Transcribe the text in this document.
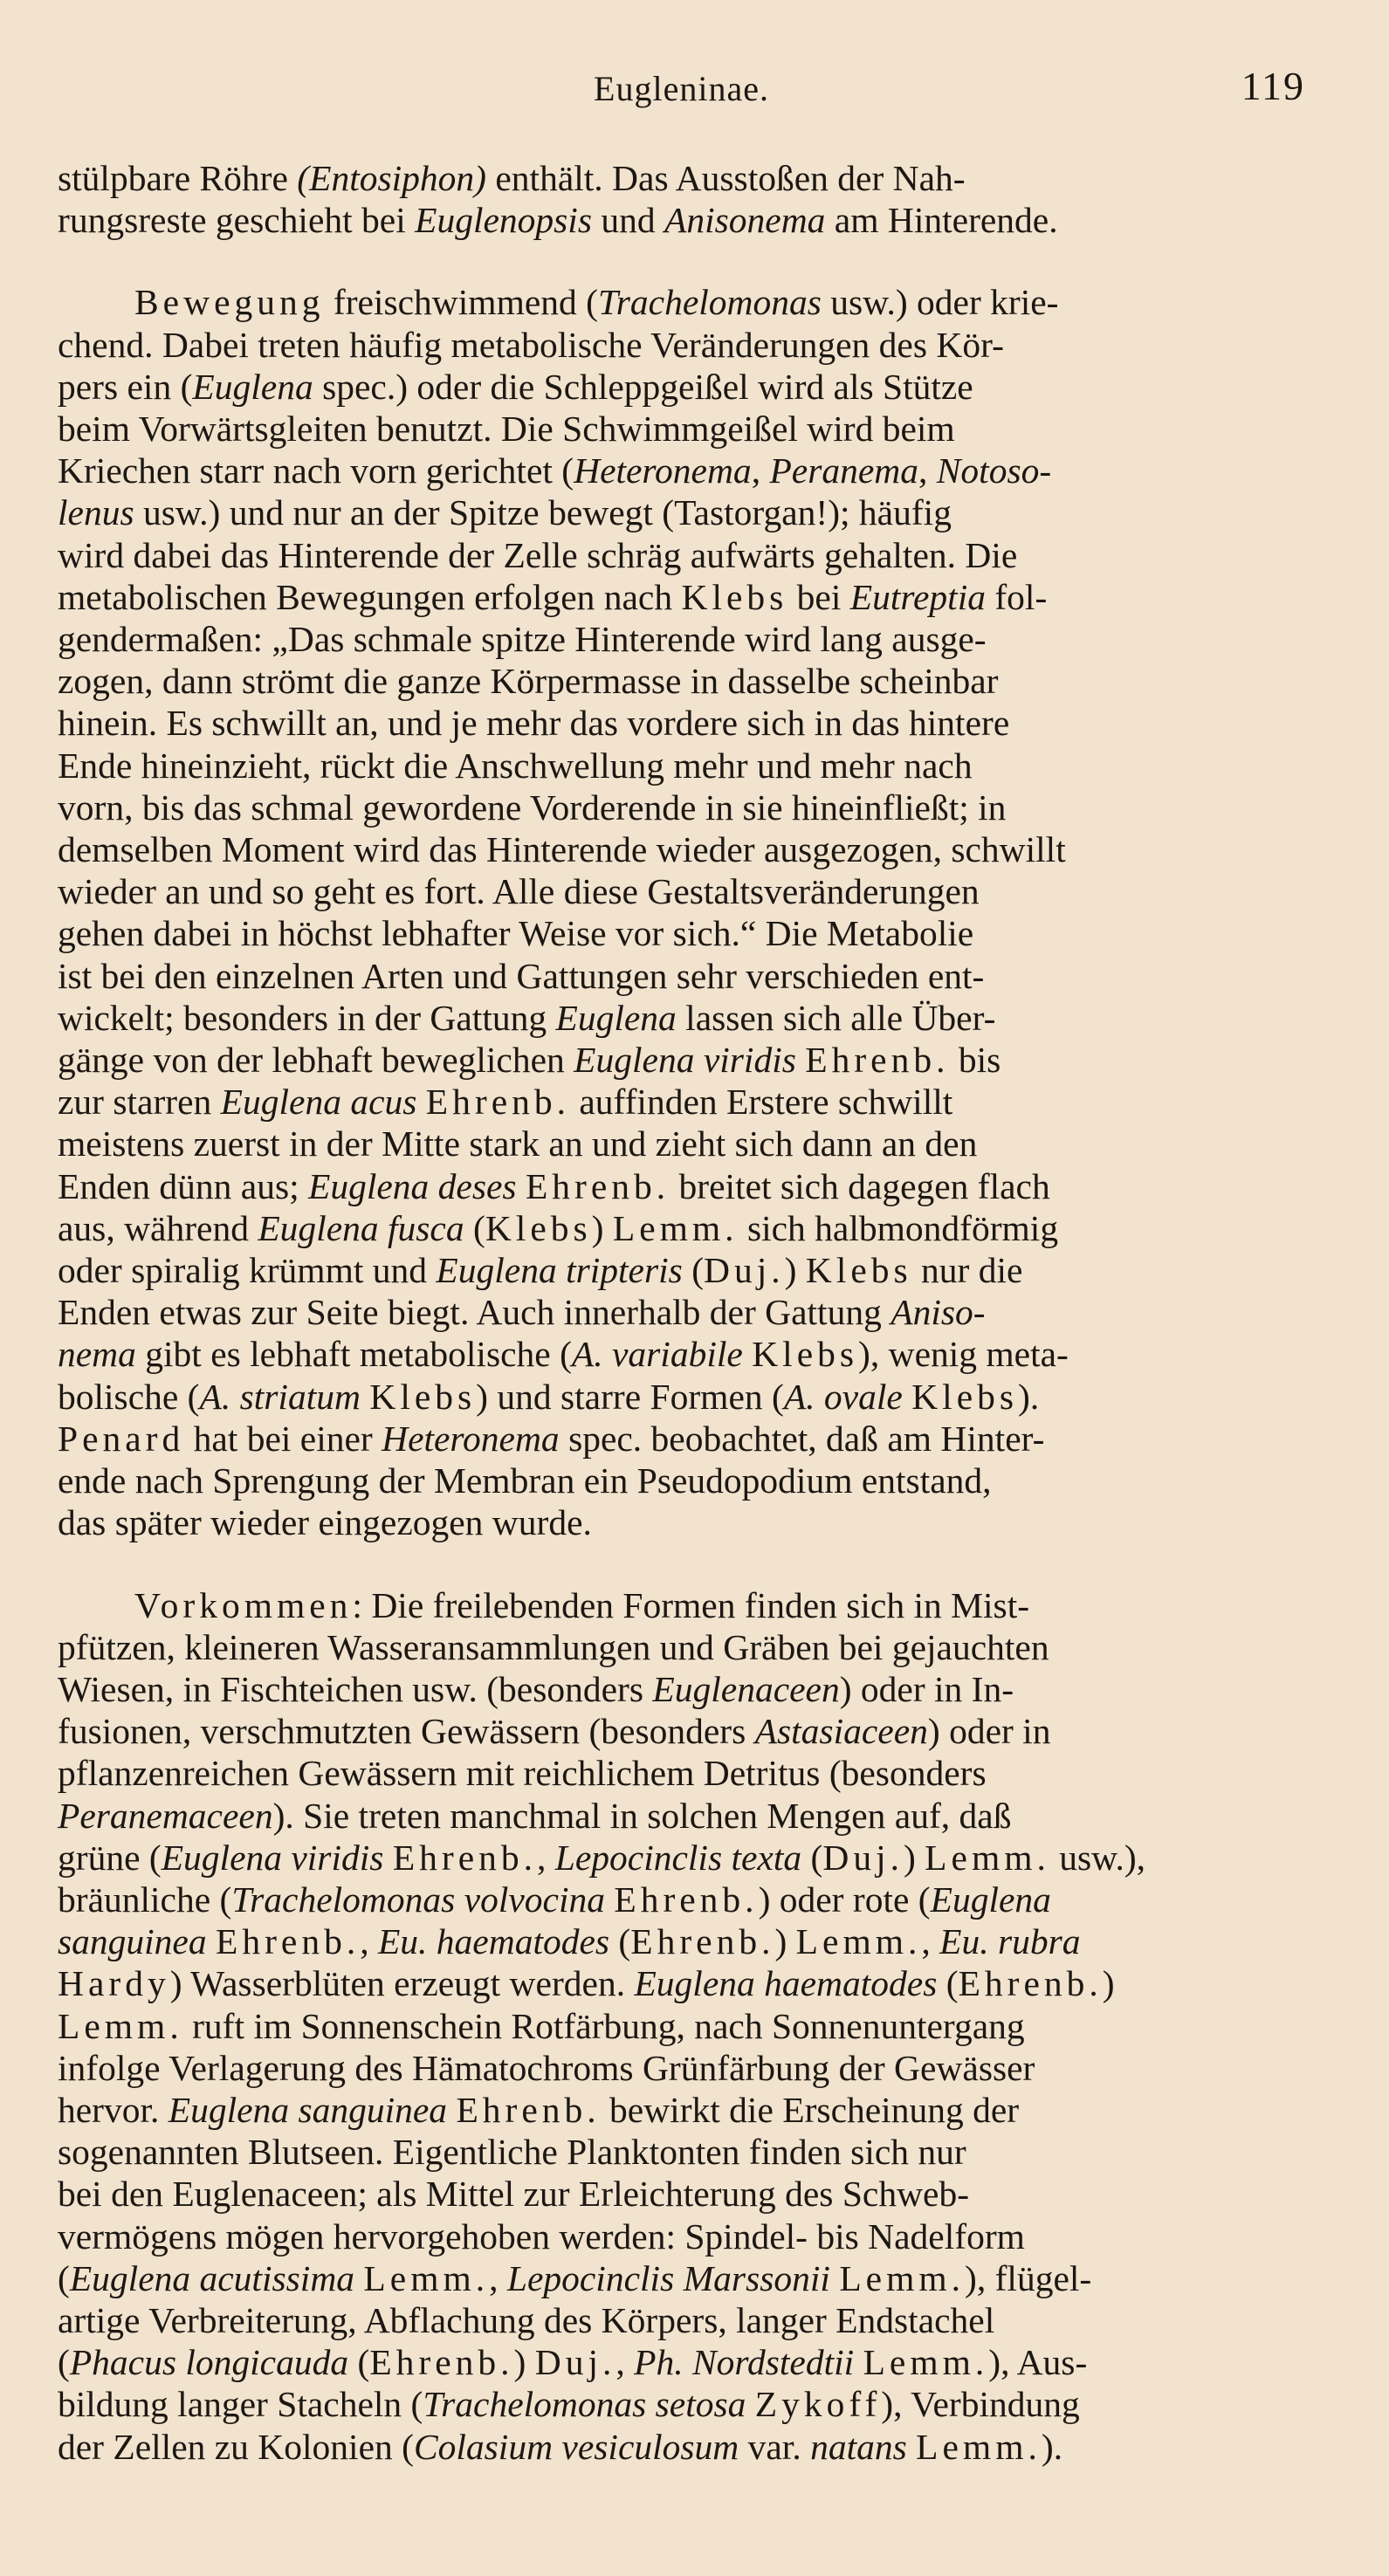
Eugleninae.	119

stülpbare Röhre (Entosiphon) enthält. Das Ausstoßen der Nah-
rungsreste geschieht bei Euglenopsis und Anisonema am Hinterende.

Bewegung freischwimmend (Trachelomonas usw.) oder krie-
chend. Dabei treten häufig metabolische Veränderungen des Kör-
pers ein (Euglena spec.) oder die Schleppgeißel wird als Stütze
beim Vorwärtsgleiten benutzt. Die Schwimmgeißel wird beim
Kriechen starr nach vorn gerichtet (Heteronema, Peranema, Notoso-
lenus usw.) und nur an der Spitze bewegt (Tastorgan!); häufig
wird dabei das Hinterende der Zelle schräg aufwärts gehalten. Die
metabolischen Bewegungen erfolgen nach Klebs bei Eutreptia fol-
gendermaßen: „Das schmale spitze Hinterende wird lang ausge-
zogen, dann strömt die ganze Körpermasse in dasselbe scheinbar
hinein. Es schwillt an, und je mehr das vordere sich in das hintere
Ende hineinzieht, rückt die Anschwellung mehr und mehr nach
vorn, bis das schmal gewordene Vorderende in sie hineinfließt; in
demselben Moment wird das Hinterende wieder ausgezogen, schwillt
wieder an und so geht es fort. Alle diese Gestaltsveränderungen
gehen dabei in höchst lebhafter Weise vor sich.“ Die Metabolie
ist bei den einzelnen Arten und Gattungen sehr verschieden ent-
wickelt; besonders in der Gattung Euglena lassen sich alle Über-
gänge von der lebhaft beweglichen Euglena viridis Ehrenb. bis
zur starren Euglena acus Ehrenb. auffinden Erstere schwillt
meistens zuerst in der Mitte stark an und zieht sich dann an den
Enden dünn aus; Euglena deses Ehrenb. breitet sich dagegen flach
aus, während Euglena fusca (Klebs) Lemm. sich halbmondförmig
oder spiralig krümmt und Euglena tripteris (Duj.) Klebs nur die
Enden etwas zur Seite biegt. Auch innerhalb der Gattung Aniso-
nema gibt es lebhaft metabolische (A. variabile Klebs), wenig meta-
bolische (A. striatum Klebs) und starre Formen (A. ovale Klebs).
Penard hat bei einer Heteronema spec. beobachtet, daß am Hinter-
ende nach Sprengung der Membran ein Pseudopodium entstand,
das später wieder eingezogen wurde.

Vorkommen: Die freilebenden Formen finden sich in Mist-
pfützen, kleineren Wasseransammlungen und Gräben bei gejauchten
Wiesen, in Fischteichen usw. (besonders Euglenaceen) oder in In-
fusionen, verschmutzten Gewässern (besonders Astasiaceen) oder in
pflanzenreichen Gewässern mit reichlichem Detritus (besonders
Peranemaceen). Sie treten manchmal in solchen Mengen auf, daß
grüne (Euglena viridis Ehrenb., Lepocinclis texta (Duj.) Lemm. usw.),
bräunliche (Trachelomonas volvocina Ehrenb.) oder rote (Euglena
sanguinea Ehrenb., Eu. haematodes (Ehrenb.) Lemm., Eu. rubra
Hardy) Wasserblüten erzeugt werden. Euglena haematodes (Ehrenb.)
Lemm. ruft im Sonnenschein Rotfärbung, nach Sonnenuntergang
infolge Verlagerung des Hämatochroms Grünfärbung der Gewässer
hervor. Euglena sanguinea Ehrenb. bewirkt die Erscheinung der
sogenannten Blutseen. Eigentliche Planktonten finden sich nur
bei den Euglenaceen; als Mittel zur Erleichterung des Schweb-
vermögens mögen hervorgehoben werden: Spindel- bis Nadelform
(Euglena acutissima Lemm., Lepocinclis Marssonii Lemm.), flügel-
artige Verbreiterung, Abflachung des Körpers, langer Endstachel
(Phacus longicauda (Ehrenb.) Duj., Ph. Nordstedtii Lemm.), Aus-
bildung langer Stacheln (Trachelomonas setosa Zykoff), Verbindung
der Zellen zu Kolonien (Colasium vesiculosum var. natans Lemm.).
